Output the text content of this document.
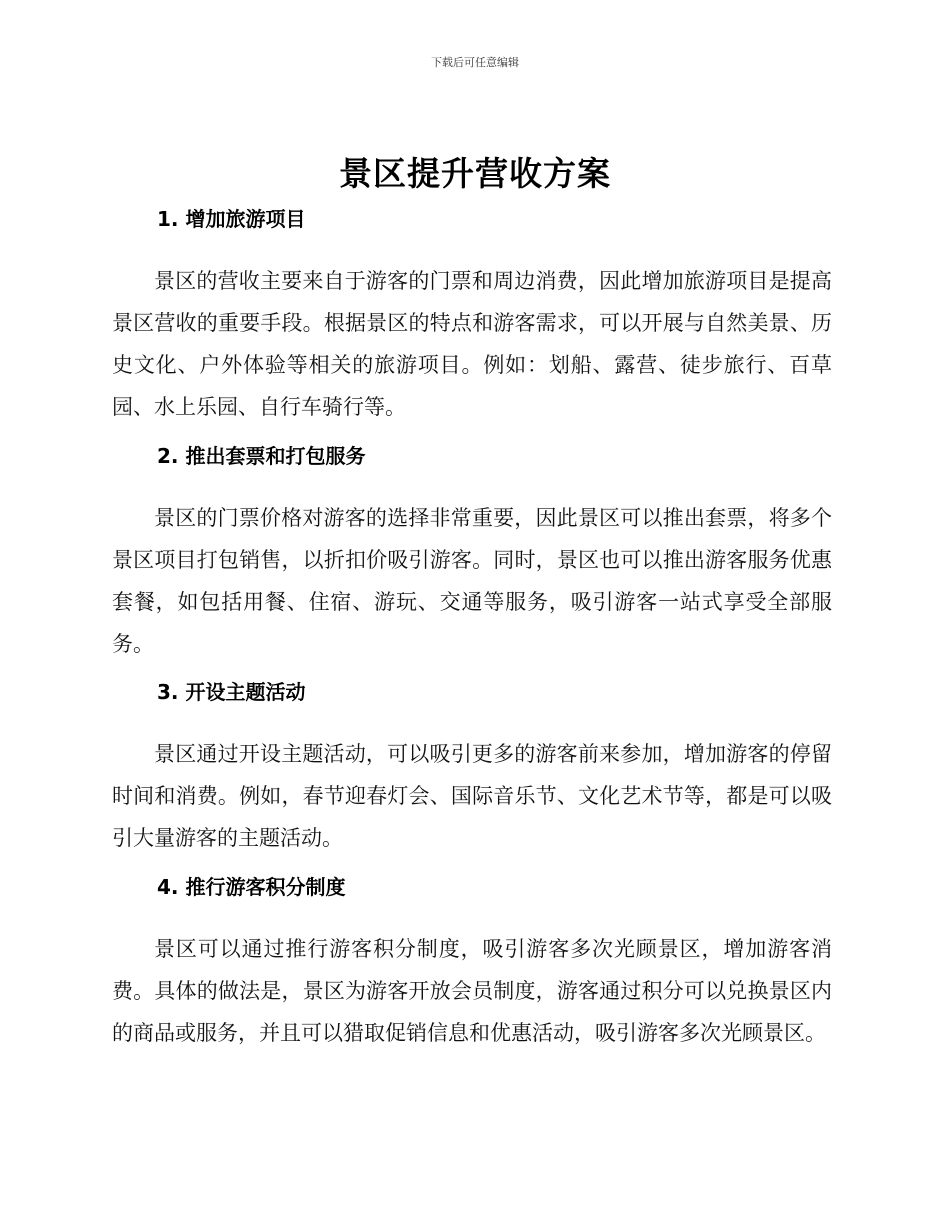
下载后可任意编辑
景区提升营收方案
1. 增加旅游项目

景区的营收主要来自于游客的门票和周边消费，因此增加旅游项目是提高景区营收的重要手段。根据景区的特点和游客需求，可以开展与自然美景、历史文化、户外体验等相关的旅游项目。例如：划船、露营、徒步旅行、百草园、水上乐园、自行车骑行等。

2. 推出套票和打包服务

景区的门票价格对游客的选择非常重要，因此景区可以推出套票，将多个景区项目打包销售，以折扣价吸引游客。同时，景区也可以推出游客服务优惠套餐，如包括用餐、住宿、游玩、交通等服务，吸引游客一站式享受全部服务。

3. 开设主题活动

景区通过开设主题活动，可以吸引更多的游客前来参加，增加游客的停留时间和消费。例如，春节迎春灯会、国际音乐节、文化艺术节等，都是可以吸引大量游客的主题活动。

4. 推行游客积分制度

景区可以通过推行游客积分制度，吸引游客多次光顾景区，增加游客消费。具体的做法是，景区为游客开放会员制度，游客通过积分可以兑换景区内的商品或服务，并且可以猎取促销信息和优惠活动，吸引游客多次光顾景区。
